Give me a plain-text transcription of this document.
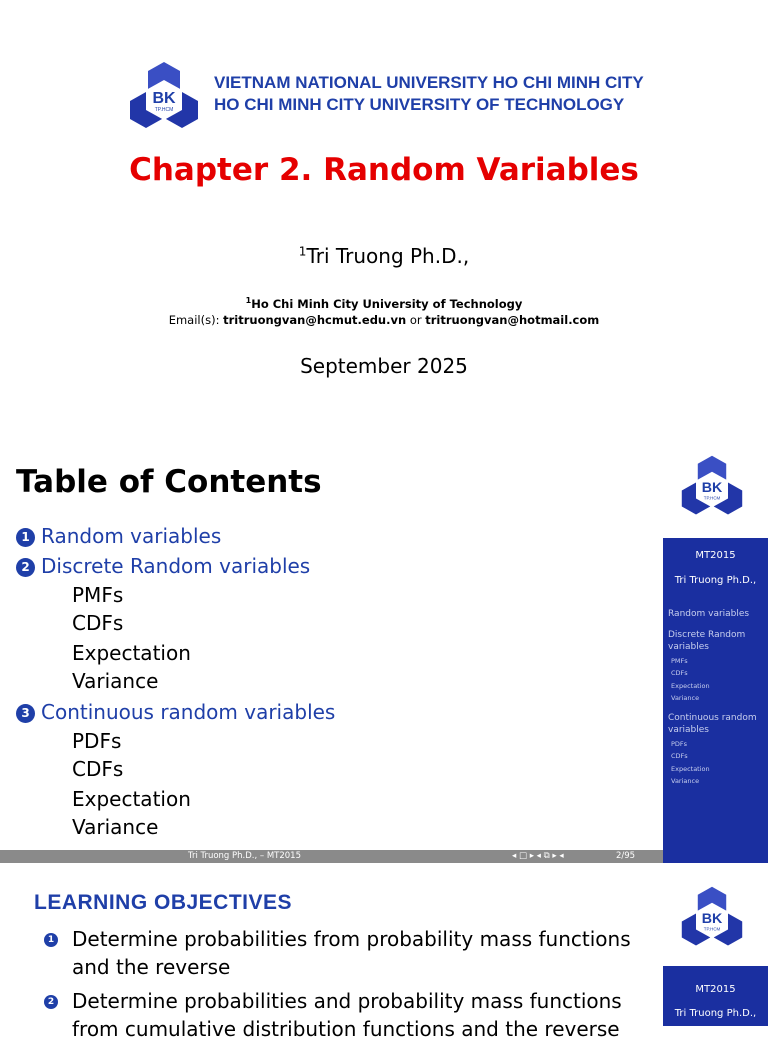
BK
TP.HCM
VIETNAM NATIONAL UNIVERSITY HO CHI MINH CITY
HO CHI MINH CITY UNIVERSITY OF TECHNOLOGY
Chapter 2. Random Variables
$^1$Tri Truong Ph.D.,
$^1$Ho Chi Minh City University of Technology
Email(s): tritruongvan@hcmut.edu.vn or tritruongvan@hotmail.com
September 2025
Table of Contents
1 Random variables
2 Discrete Random variables
PMFs
CDFs
Expectation
Variance
3 Continuous random variables
PDFs
CDFs
Expectation
Variance
BK
TP.HCM
MT2015
Tri Truong Ph.D.,
Random variables
Discrete Random variables
PMFs
CDFs
Expectation
Variance
Continuous random variables
PDFs
CDFs
Expectation
Variance
Tri Truong Ph.D., – MT2015	◂ □ ▸ ◂ ⧉ ▸ ◂	2/95
LEARNING OBJECTIVES
1 Determine probabilities from probability mass functions and the reverse
2 Determine probabilities and probability mass functions from cumulative distribution functions and the reverse
BK
TP.HCM
MT2015
Tri Truong Ph.D.,
